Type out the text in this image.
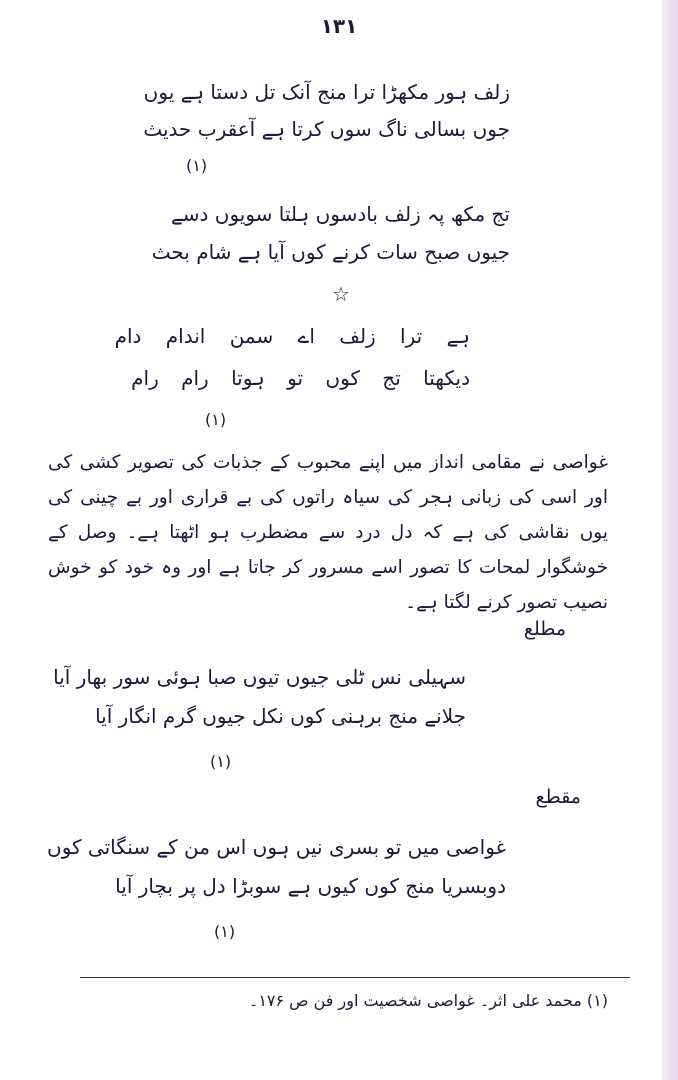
۱۳۱
زلف ہور مکھڑا ترا منج آنک تل دستا ہے یوں
جوں بسالی ناگ سوں کرتا ہے آعقرب حدیث
(۱)
تج مکھ پہ زلف بادسوں ہلتا سویوں دسے
جیوں صبح سات کرنے کوں آیا ہے شام بحث
☆
ہے ترا زلف اے سمن اندام دام
دیکھتا تج کوں تو ہوتا رام رام
(۱)
غواصی نے مقامی انداز میں اپنے محبوب کے جذبات کی تصویر کشی کی اور اسی کی زبانی ہجر کی سیاہ راتوں کی بے قراری اور بے چینی کی یوں نقاشی کی ہے کہ دل درد سے مضطرب ہو اٹھتا ہے۔ وصل کے خوشگوار لمحات کا تصور اسے مسرور کر جاتا ہے اور وہ خود کو خوش نصیب تصور کرنے لگتا ہے۔
مطلع
سہیلی نس ٹلی جیوں تیوں صبا ہوئی سور بھار آیا
جلانے منج برہنی کوں نکل جیوں گرم انگار آیا
(۱)
مقطع
غواصی میں تو بسری نیں ہوں اس من کے سنگاتی کوں
دوبسریا منج کوں کیوں ہے سوبڑا دل پر بچار آیا
(۱)
(۱) محمد علی اثر۔ غواصی شخصیت اور فن ص ۱۷۶۔
